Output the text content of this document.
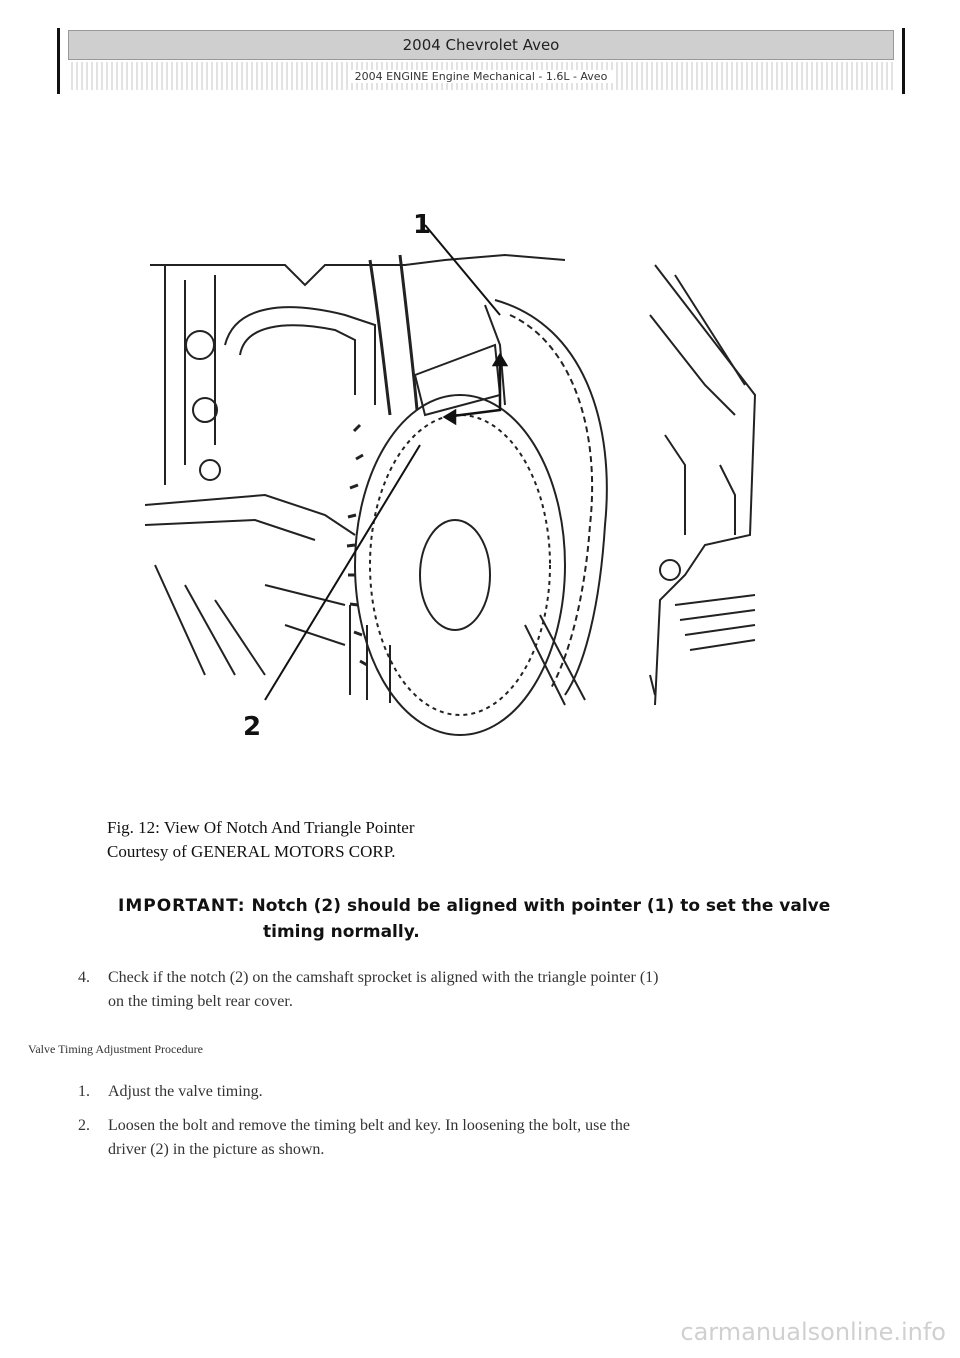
2004 Chevrolet Aveo
2004 ENGINE Engine Mechanical - 1.6L - Aveo
1
2
Fig. 12: View Of Notch And Triangle Pointer
Courtesy of GENERAL MOTORS CORP.
IMPORTANT: Notch (2) should be aligned with pointer (1) to set the valve
timing normally.
4. Check if the notch (2) on the camshaft sprocket is aligned with the triangle pointer (1)
on the timing belt rear cover.
Valve Timing Adjustment Procedure
1. Adjust the valve timing.
2. Loosen the bolt and remove the timing belt and key. In loosening the bolt, use the
driver (2) in the picture as shown.
carmanualsonline.info
